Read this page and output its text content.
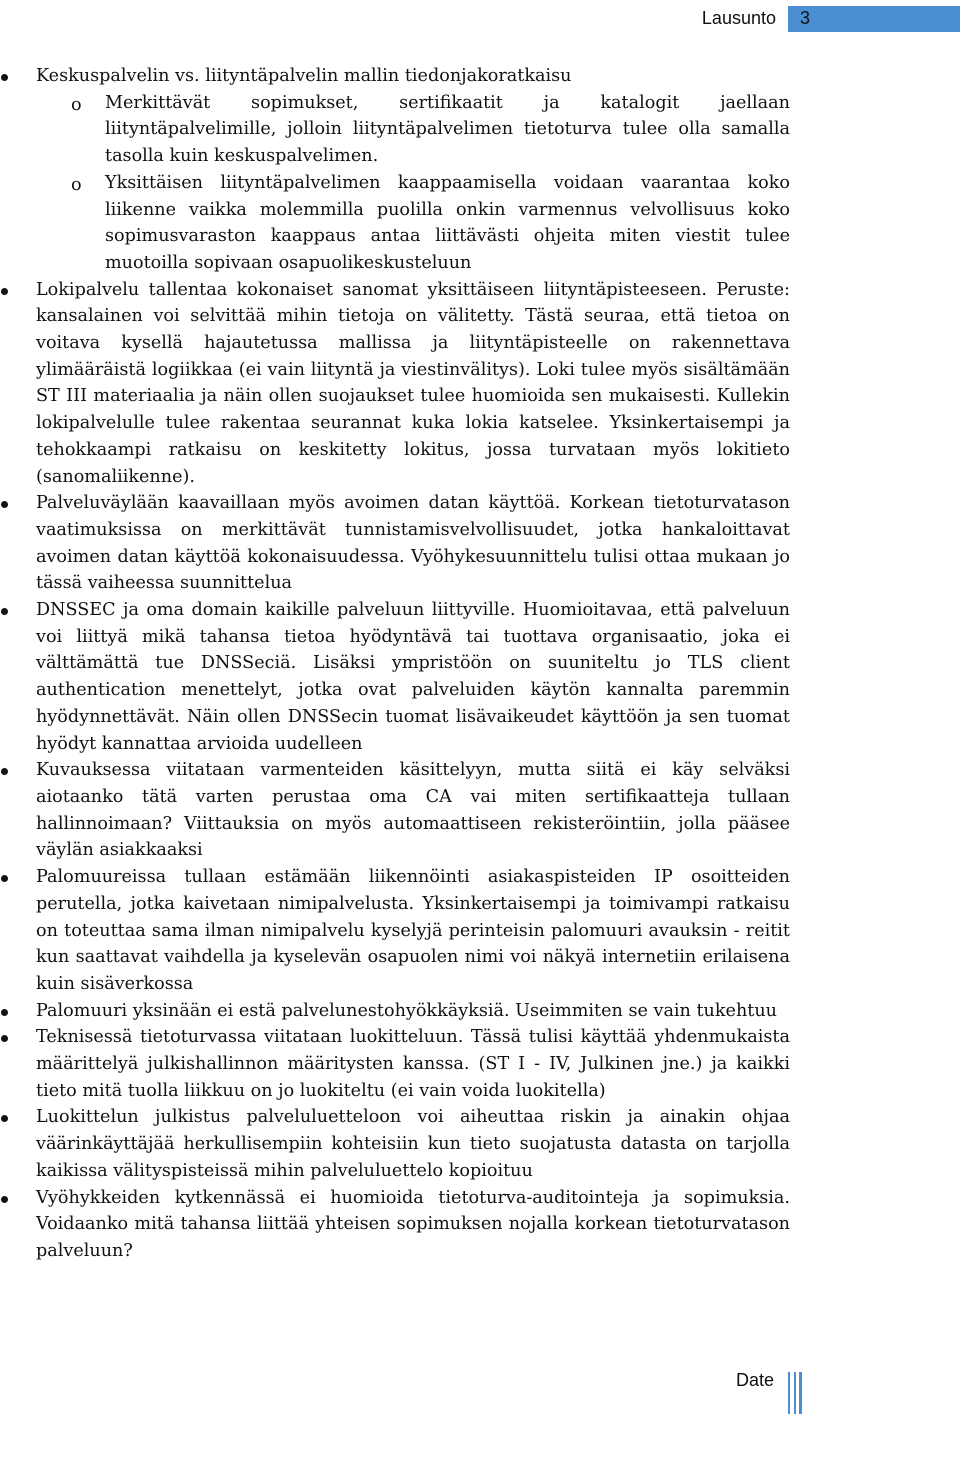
Lausunto 3
Keskuspalvelin vs. liityntäpalvelin mallin tiedonjakoratkaisu
o Merkittävät sopimukset, sertifikaatit ja katalogit jaellaan liityntäpalvelimille, jolloin liityntäpalvelimen tietoturva tulee olla samalla tasolla kuin keskuspalvelimen.
o Yksittäisen liityntäpalvelimen kaappaamisella voidaan vaarantaa koko liikenne vaikka molemmilla puolilla onkin varmennus velvollisuus koko sopimusvaraston kaappaus antaa liittävästi ohjeita miten viestit tulee muotoilla sopivaan osapuolikeskusteluun
Lokipalvelu tallentaa kokonaiset sanomat yksittäiseen liityntäpisteeseen. Peruste: kansalainen voi selvittää mihin tietoja on välitetty. Tästä seuraa, että tietoa on voitava kysellä hajautetussa mallissa ja liityntäpisteelle on rakennettava ylimääräistä logiikkaa (ei vain liityntä ja viestinvälitys). Loki tulee myös sisältämään ST III materiaalia ja näin ollen suojaukset tulee huomioida sen mukaisesti. Kullekin lokipalvelulle tulee rakentaa seurannat kuka lokia katselee. Yksinkertaisempi ja tehokkaampi ratkaisu on keskitetty lokitus, jossa turvataan myös lokitieto (sanomaliikenne).
Palveluväylään kaavaillaan myös avoimen datan käyttöä. Korkean tietoturvatason vaatimuksissa on merkittävät tunnistamisvelvollisuudet, jotka hankaloittavat avoimen datan käyttöä kokonaisuudessa. Vyöhykesuunnittelu tulisi ottaa mukaan jo tässä vaiheessa suunnittelua
DNSSEC ja oma domain kaikille palveluun liittyville. Huomioitavaa, että palveluun voi liittyä mikä tahansa tietoa hyödyntävä tai tuottava organisaatio, joka ei välttämättä tue DNSSeciä. Lisäksi ympristöön on suuniteltu jo TLS client authentication menettelyt, jotka ovat palveluiden käytön kannalta paremmin hyödynnettävät. Näin ollen DNSSecin tuomat lisävaikeudet käyttöön ja sen tuomat hyödyt kannattaa arvioida uudelleen
Kuvauksessa viitataan varmenteiden käsittelyyn, mutta siitä ei käy selväksi aiotaanko tätä varten perustaa oma CA vai miten sertifikaatteja tullaan hallinnoimaan? Viittauksia on myös automaattiseen rekisteröintiin, jolla pääsee väylän asiakkaaksi
Palomuureissa tullaan estämään liikennöinti asiakaspisteiden IP osoitteiden perutella, jotka kaivetaan nimipalvelusta. Yksinkertaisempi ja toimivampi ratkaisu on toteuttaa sama ilman nimipalvelu kyselyjä perinteisin palomuuri avauksin - reitit kun saattavat vaihdella ja kyselevän osapuolen nimi voi näkyä internetiin erilaisena kuin sisäverkossa
Palomuuri yksinään ei estä palvelunestohyökkäyksiä. Useimmiten se vain tukehtuu
Teknisessä tietoturvassa viitataan luokitteluun. Tässä tulisi käyttää yhdenmukaista määrittelyä julkishallinnon määritysten kanssa. (ST I - IV, Julkinen jne.) ja kaikki tieto mitä tuolla liikkuu on jo luokiteltu (ei vain voida luokitella)
Luokittelun julkistus palveluluetteloon voi aiheuttaa riskin ja ainakin ohjaa väärinkäyttäjää herkullisempiin kohteisiin kun tieto suojatusta datasta on tarjolla kaikissa välityspisteissä mihin palveluluettelo kopioituu
Vyöhykkeiden kytkennässä ei huomioida tietoturva-auditointeja ja sopimuksia. Voidaanko mitä tahansa liittää yhteisen sopimuksen nojalla korkean tietoturvatason palveluun?
Date
